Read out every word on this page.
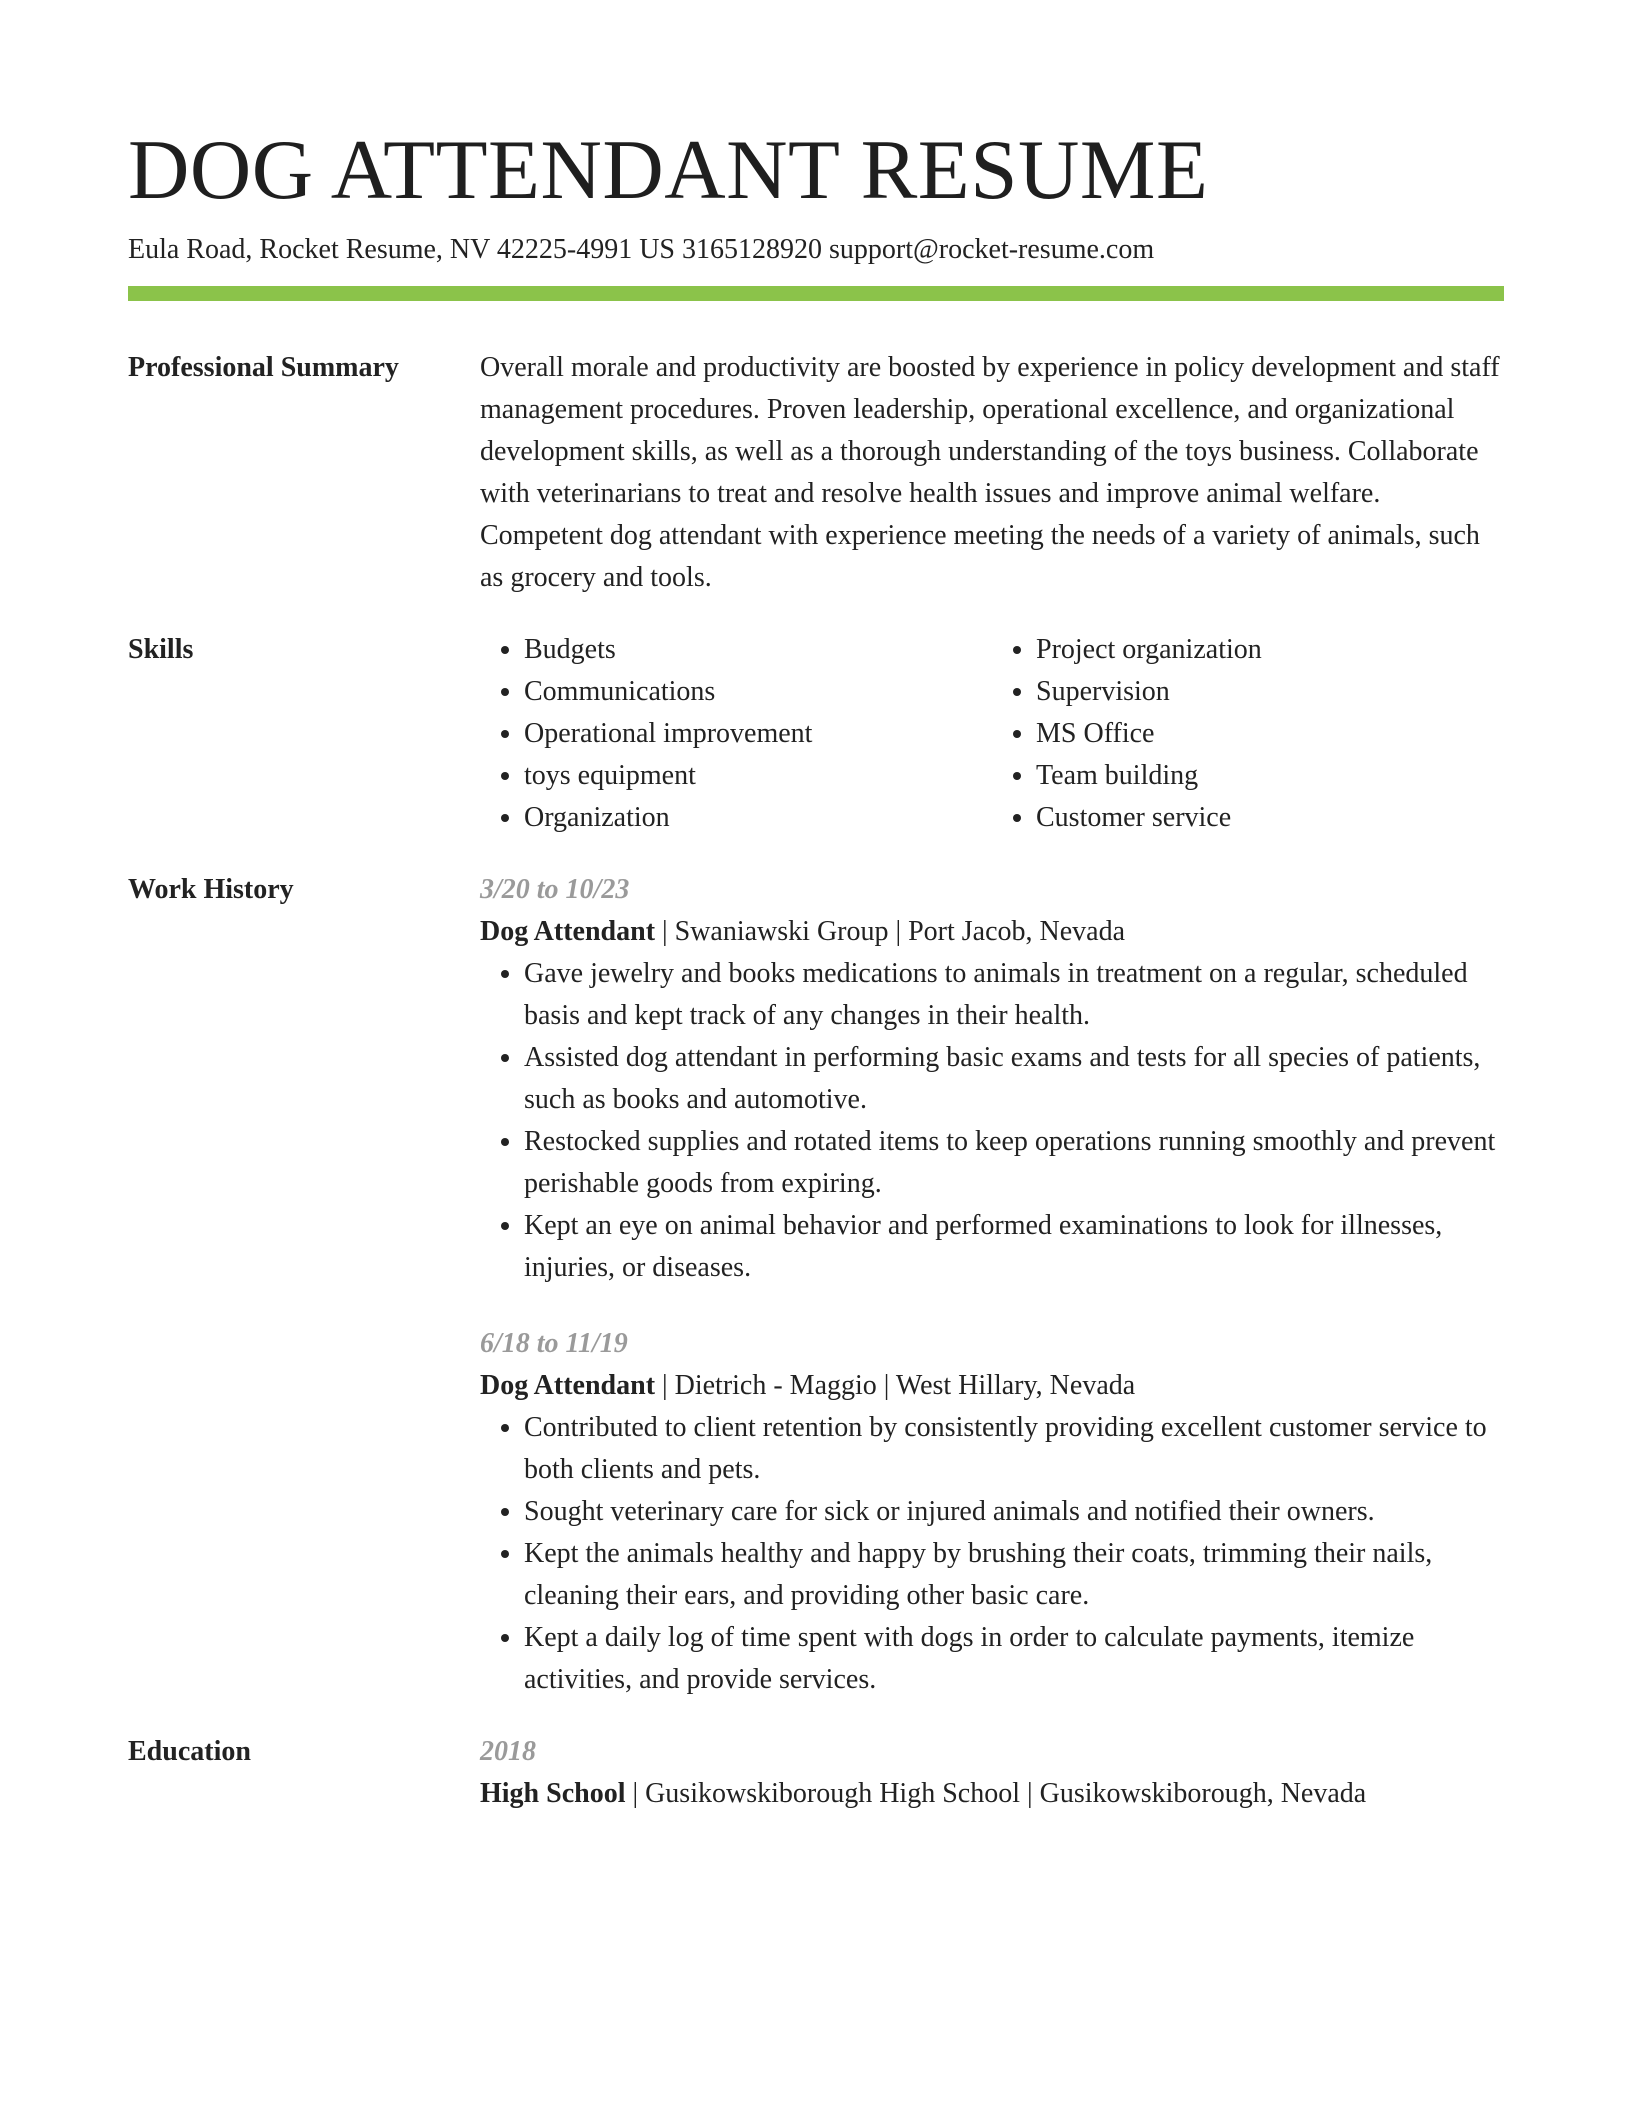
DOG ATTENDANT RESUME
Eula Road, Rocket Resume, NV 42225-4991 US 3165128920 support@rocket-resume.com
Professional Summary	Overall morale and productivity are boosted by experience in policy development and staff management procedures. Proven leadership, operational excellence, and organizational development skills, as well as a thorough understanding of the toys business. Collaborate with veterinarians to treat and resolve health issues and improve animal welfare. Competent dog attendant with experience meeting the needs of a variety of animals, such as grocery and tools.

Skills
•	Budgets
• Communications
• Operational improvement
• toys equipment
• Organization
• Project organization
• Supervision
• MS Office
• Team building
• Customer service
Work History	3/20 to 10/23
Dog Attendant | Swaniawski Group | Port Jacob, Nevada
• Gave jewelry and books medications to animals in treatment on a regular, scheduled basis and kept track of any changes in their health.
• Assisted dog attendant in performing basic exams and tests for all species of patients, such as books and automotive.
• Restocked supplies and rotated items to keep operations running smoothly and prevent perishable goods from expiring.
• Kept an eye on animal behavior and performed examinations to look for illnesses, injuries, or diseases.
6/18 to 11/19
Dog Attendant | Dietrich - Maggio | West Hillary, Nevada
• Contributed to client retention by consistently providing excellent customer service to both clients and pets.
• Sought veterinary care for sick or injured animals and notified their owners.
• Kept the animals healthy and happy by brushing their coats, trimming their nails, cleaning their ears, and providing other basic care.
• Kept a daily log of time spent with dogs in order to calculate payments, itemize activities, and provide services.
Education	2018
High School | Gusikowskiborough High School | Gusikowskiborough, Nevada
